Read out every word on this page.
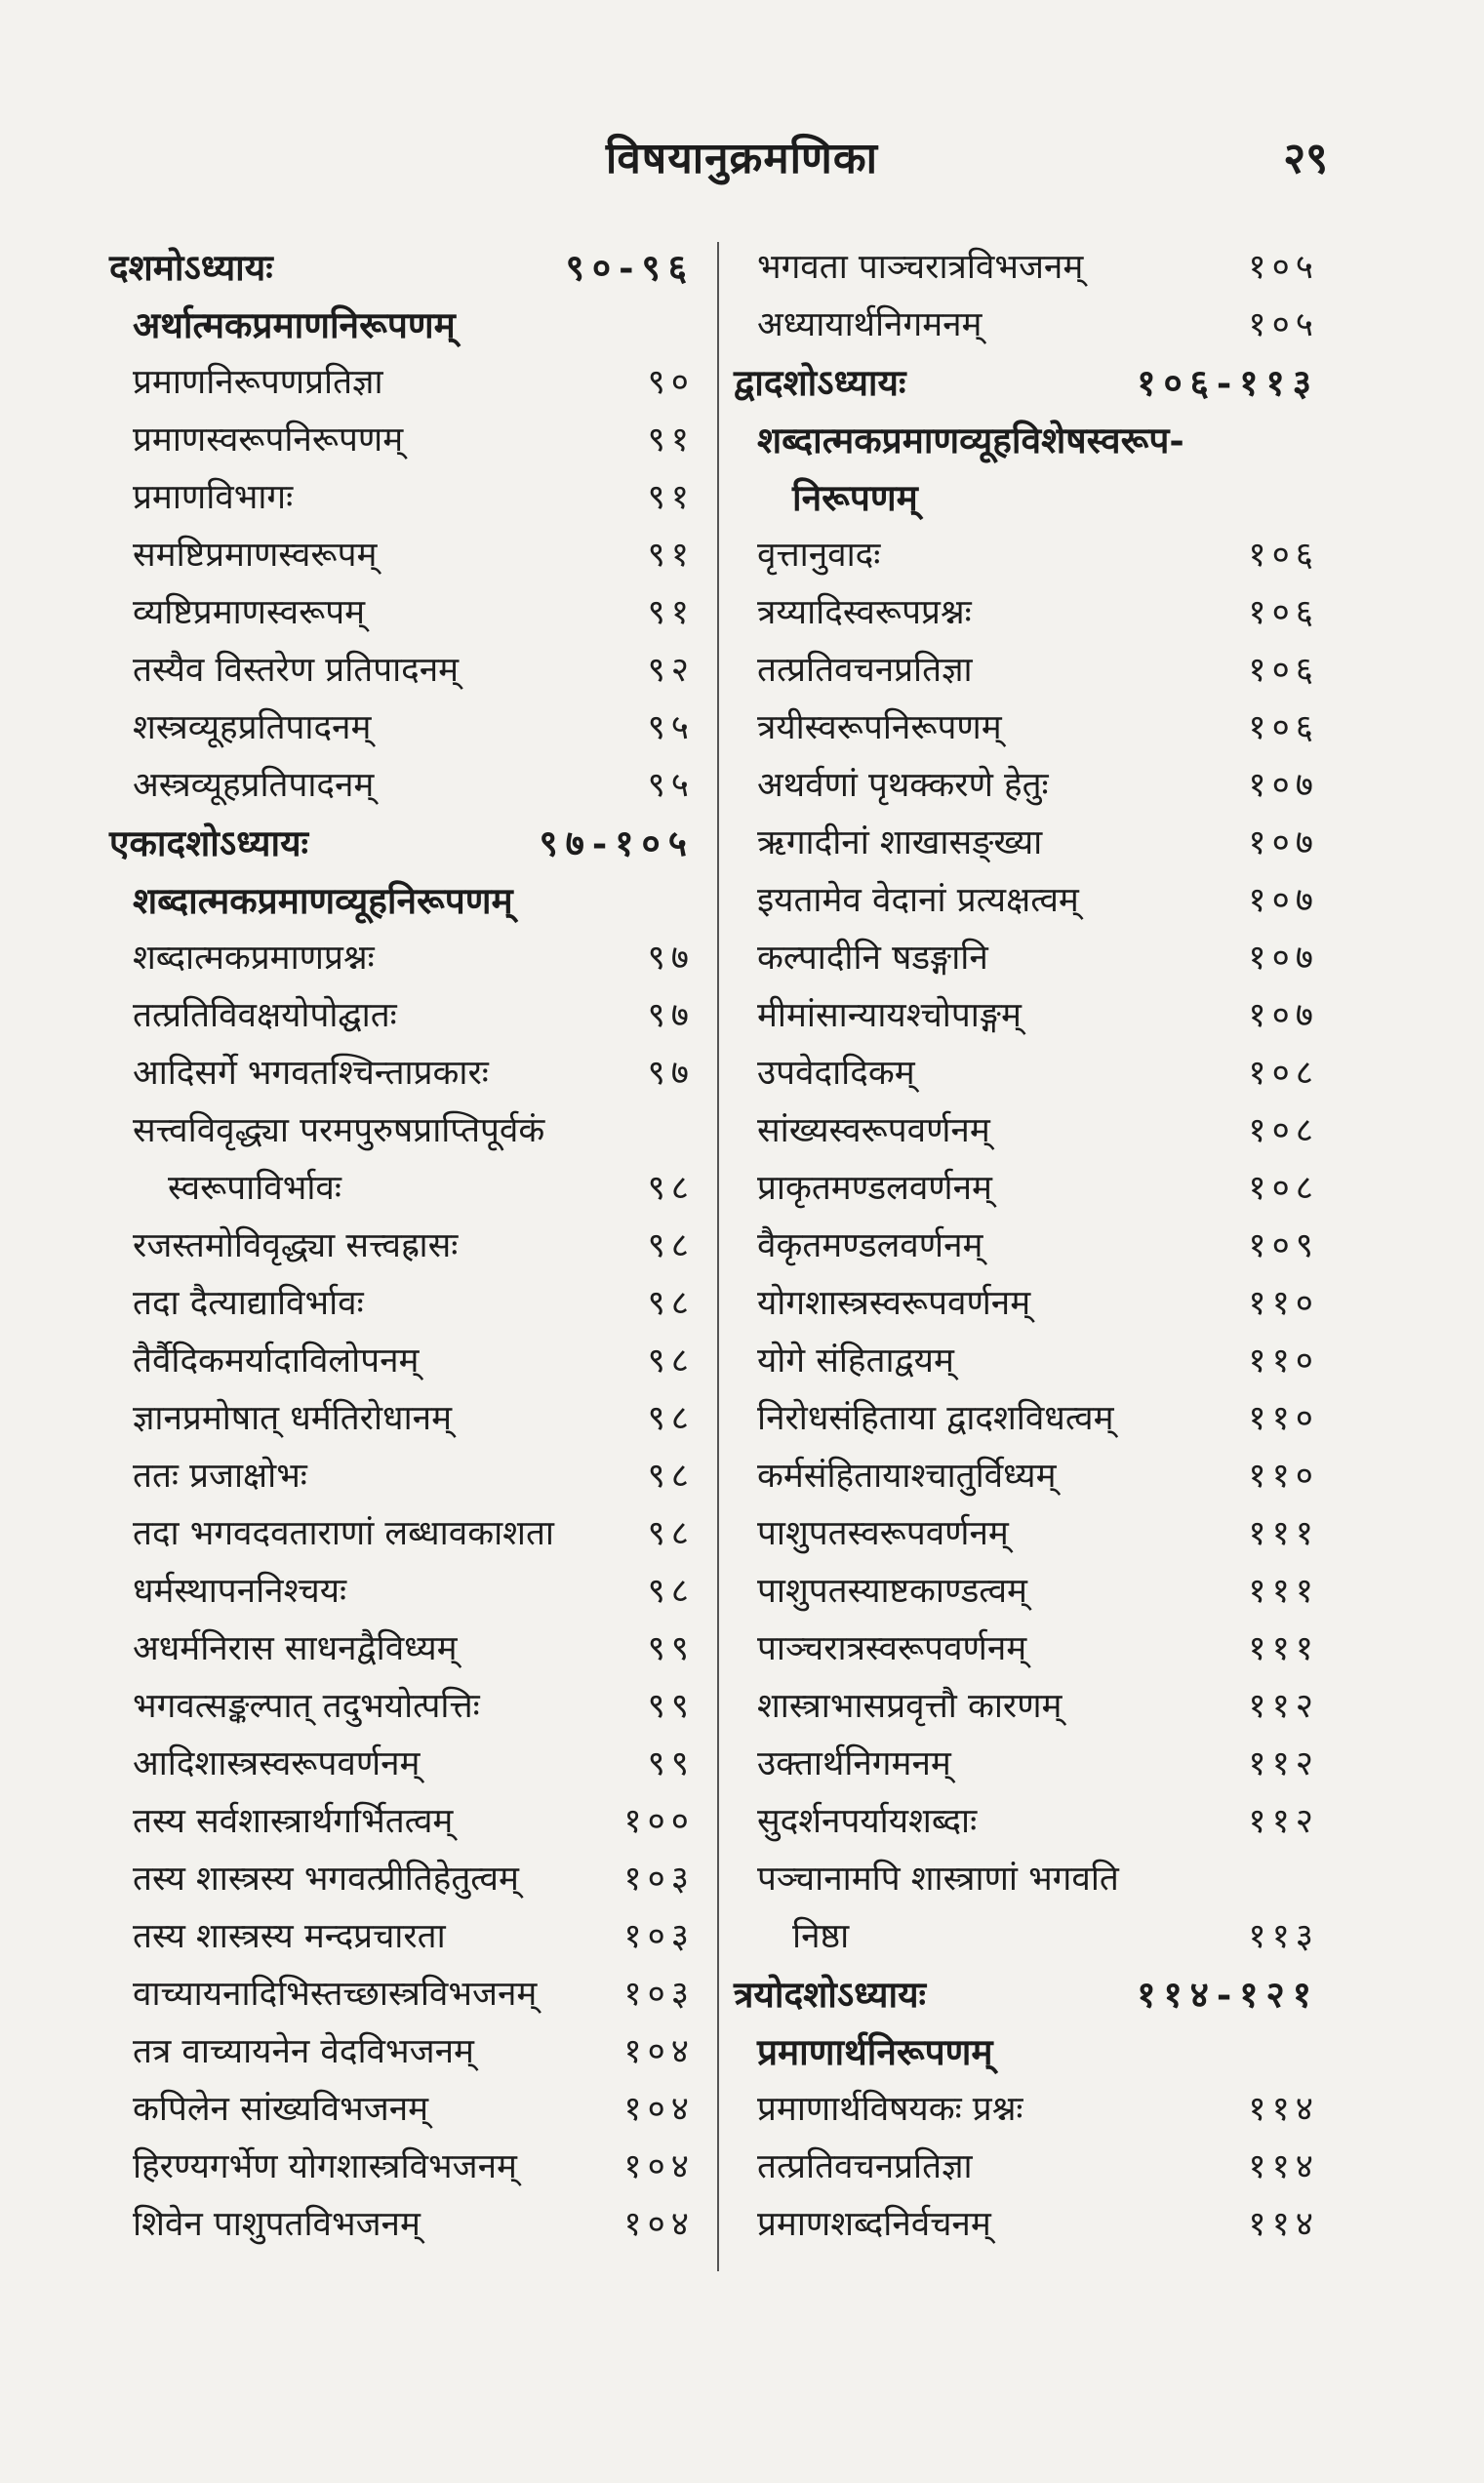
विषयानुक्रमणिका	२९
दशमोऽध्यायः	९०-९६
अर्थात्मकप्रमाणनिरूपणम्
प्रमाणनिरूपणप्रतिज्ञा	९०
प्रमाणस्वरूपनिरूपणम्	९१
प्रमाणविभागः	९१
समष्टिप्रमाणस्वरूपम्	९१
व्यष्टिप्रमाणस्वरूपम्	९१
तस्यैव विस्तरेण प्रतिपादनम्	९२
शस्त्रव्यूहप्रतिपादनम्	९५
अस्त्रव्यूहप्रतिपादनम्	९५
एकादशोऽध्यायः	९७-१०५
शब्दात्मकप्रमाणव्यूहनिरूपणम्
शब्दात्मकप्रमाणप्रश्नः	९७
तत्प्रतिविवक्षयोपोद्घातः	९७
आदिसर्गे भगवतश्चिन्ताप्रकारः	९७
सत्त्वविवृद्ध्या परमपुरुषप्राप्तिपूर्वकं
स्वरूपाविर्भावः	९८
रजस्तमोविवृद्ध्या सत्त्वह्रासः	९८
तदा दैत्याद्याविर्भावः	९८
तैर्वैदिकमर्यादाविलोपनम्	९८
ज्ञानप्रमोषात् धर्मतिरोधानम्	९८
ततः प्रजाक्षोभः	९८
तदा भगवदवताराणां लब्धावकाशता	९८
धर्मस्थापननिश्चयः	९८
अधर्मनिरास साधनद्वैविध्यम्	९९
भगवत्सङ्कल्पात् तदुभयोत्पत्तिः	९९
आदिशास्त्रस्वरूपवर्णनम्	९९
तस्य सर्वशास्त्रार्थगर्भितत्वम्	१००
तस्य शास्त्रस्य भगवत्प्रीतिहेतुत्वम्	१०३
तस्य शास्त्रस्य मन्दप्रचारता	१०३
वाच्यायनादिभिस्तच्छास्त्रविभजनम्	१०३
तत्र वाच्यायनेन वेदविभजनम्	१०४
कपिलेन सांख्यविभजनम्	१०४
हिरण्यगर्भेण योगशास्त्रविभजनम्	१०४
शिवेन पाशुपतविभजनम्	१०४
भगवता पाञ्चरात्रविभजनम्	१०५
अध्यायार्थनिगमनम्	१०५
द्वादशोऽध्यायः	१०६-११३
शब्दात्मकप्रमाणव्यूहविशेषस्वरूप-
निरूपणम्
वृत्तानुवादः	१०६
त्रय्यादिस्वरूपप्रश्नः	१०६
तत्प्रतिवचनप्रतिज्ञा	१०६
त्रयीस्वरूपनिरूपणम्	१०६
अथर्वणां पृथक्करणे हेतुः	१०७
ऋगादीनां शाखासङ्ख्या	१०७
इयतामेव वेदानां प्रत्यक्षत्वम्	१०७
कल्पादीनि षडङ्गानि	१०७
मीमांसान्यायश्चोपाङ्गम्	१०७
उपवेदादिकम्	१०८
सांख्यस्वरूपवर्णनम्	१०८
प्राकृतमण्डलवर्णनम्	१०८
वैकृतमण्डलवर्णनम्	१०९
योगशास्त्रस्वरूपवर्णनम्	११०
योगे संहिताद्वयम्	११०
निरोधसंहिताया द्वादशविधत्वम्	११०
कर्मसंहितायाश्चातुर्विध्यम्	११०
पाशुपतस्वरूपवर्णनम्	१११
पाशुपतस्याष्टकाण्डत्वम्	१११
पाञ्चरात्रस्वरूपवर्णनम्	१११
शास्त्राभासप्रवृत्तौ कारणम्	११२
उक्तार्थनिगमनम्	११२
सुदर्शनपर्यायशब्दाः	११२
पञ्चानामपि शास्त्राणां भगवति
निष्ठा	११३
त्रयोदशोऽध्यायः	११४-१२१
प्रमाणार्थनिरूपणम्
प्रमाणार्थविषयकः प्रश्नः	११४
तत्प्रतिवचनप्रतिज्ञा	११४
प्रमाणशब्दनिर्वचनम्	११४
